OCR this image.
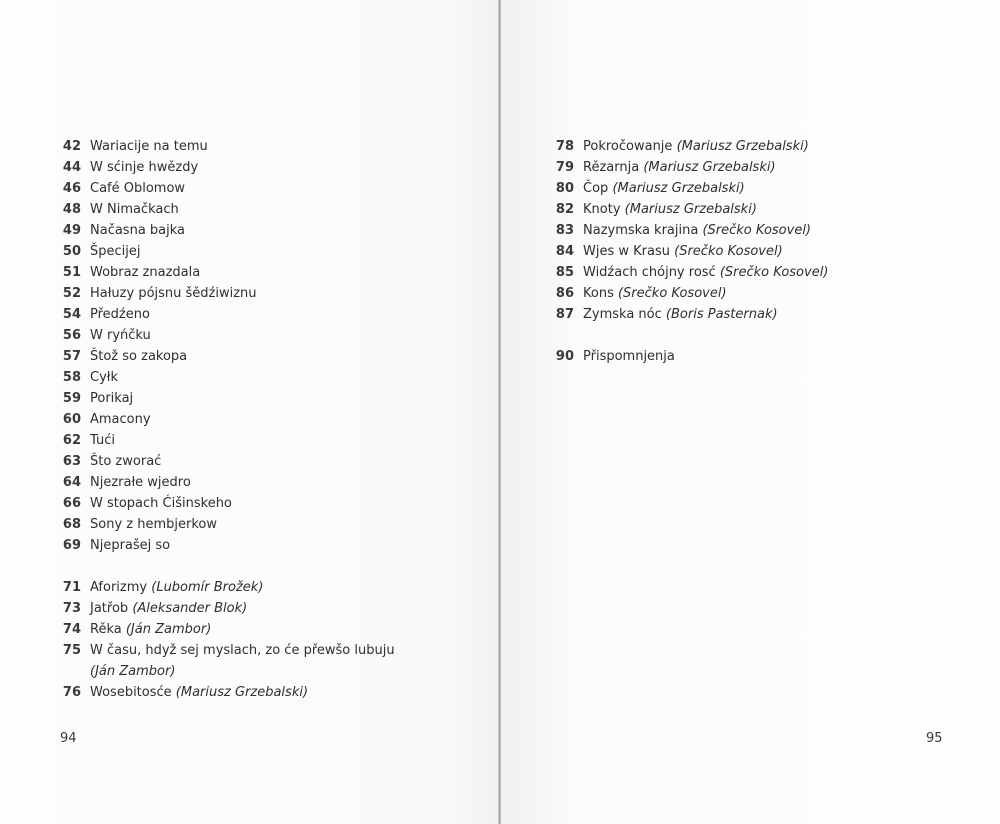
42 Wariacije na temu
44 W sćinje hwězdy
46 Café Oblomow
48 W Nimačkach
49 Načasna bajka
50 Špecijej
51 Wobraz znazdala
52 Hałuzy pójsnu šědźiwiznu
54 Předźeno
56 W ryńčku
57 Štož so zakopa
58 Cyłk
59 Porikaj
60 Amacony
62 Tući
63 Što zworać
64 Njezrałe wjedro
66 W stopach Ćišinskeho
68 Sony z hembjerkow
69 Njeprašej so
71 Aforizmy (Lubomír Brožek)
73 Jatřob (Aleksander Blok)
74 Rěka (Ján Zambor)
75 W času, hdyž sej myslach, zo će přewšo lubuju
(Ján Zambor)
76 Wosebitosće (Mariusz Grzebalski)
78 Pokročowanje (Mariusz Grzebalski)
79 Rězarnja (Mariusz Grzebalski)
80 Čop (Mariusz Grzebalski)
82 Knoty (Mariusz Grzebalski)
83 Nazymska krajina (Srečko Kosovel)
84 Wjes w Krasu (Srečko Kosovel)
85 Widźach chójny rosć (Srečko Kosovel)
86 Kons (Srečko Kosovel)
87 Zymska nóc (Boris Pasternak)
90 Přispomnjenja
94	95
